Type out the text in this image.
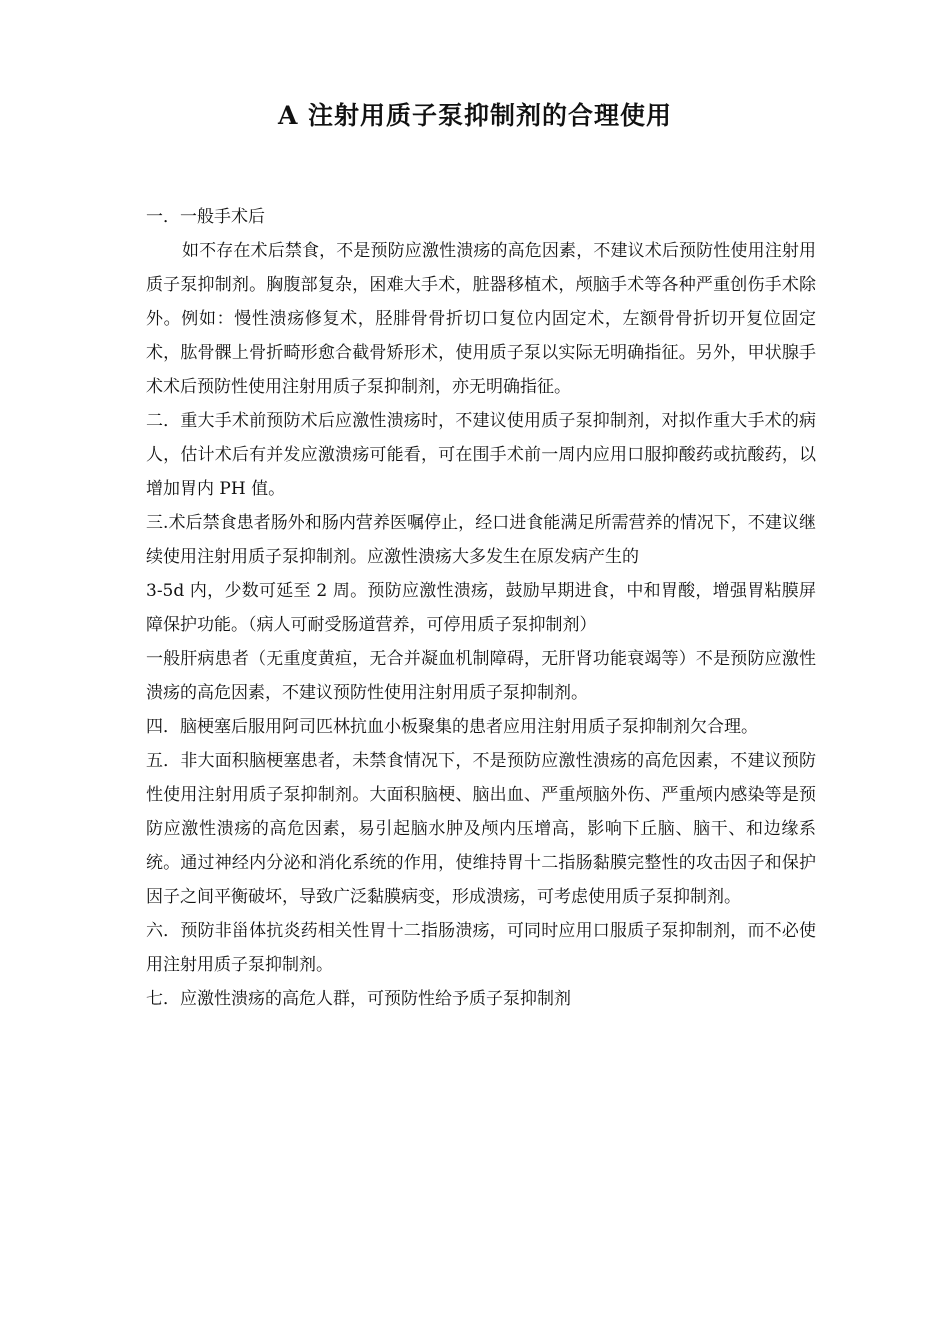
A 注射用质子泵抑制剂的合理使用

一．一般手术后

如不存在术后禁食，不是预防应激性溃疡的高危因素，不建议术后预防性使用注射用质子泵抑制剂。胸腹部复杂，困难大手术，脏器移植术，颅脑手术等各种严重创伤手术除外。例如：慢性溃疡修复术，胫腓骨骨折切口复位内固定术，左额骨骨折切开复位固定术，肱骨髁上骨折畸形愈合截骨矫形术，使用质子泵以实际无明确指征。另外，甲状腺手术术后预防性使用注射用质子泵抑制剂，亦无明确指征。

二．重大手术前预防术后应激性溃疡时，不建议使用质子泵抑制剂，对拟作重大手术的病人，估计术后有并发应激溃疡可能看，可在围手术前一周内应用口服抑酸药或抗酸药，以增加胃内 PH 值。

三.术后禁食患者肠外和肠内营养医嘱停止，经口进食能满足所需营养的情况下，不建议继续使用注射用质子泵抑制剂。应激性溃疡大多发生在原发病产生的

3-5d 内，少数可延至 2 周。预防应激性溃疡，鼓励早期进食，中和胃酸，增强胃粘膜屏障保护功能。（病人可耐受肠道营养，可停用质子泵抑制剂）

一般肝病患者（无重度黄疸，无合并凝血机制障碍，无肝肾功能衰竭等）不是预防应激性溃疡的高危因素，不建议预防性使用注射用质子泵抑制剂。

四．脑梗塞后服用阿司匹林抗血小板聚集的患者应用注射用质子泵抑制剂欠合理。

五．非大面积脑梗塞患者，未禁食情况下，不是预防应激性溃疡的高危因素，不建议预防性使用注射用质子泵抑制剂。大面积脑梗、脑出血、严重颅脑外伤、严重颅内感染等是预防应激性溃疡的高危因素，易引起脑水肿及颅内压增高，影响下丘脑、脑干、和边缘系统。通过神经内分泌和消化系统的作用，使维持胃十二指肠黏膜完整性的攻击因子和保护因子之间平衡破坏，导致广泛黏膜病变，形成溃疡，可考虑使用质子泵抑制剂。

六．预防非甾体抗炎药相关性胃十二指肠溃疡，可同时应用口服质子泵抑制剂，而不必使用注射用质子泵抑制剂。

七．应激性溃疡的高危人群，可预防性给予质子泵抑制剂
